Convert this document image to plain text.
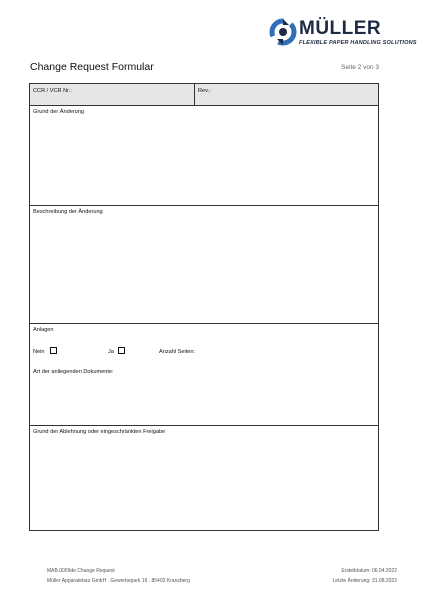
MÜLLER
FLEXIBLE PAPER HANDLING SOLUTIONS
Change Request Formular	Seite 2 von 3
CCR / VCR Nr.:	Rev.:
Grund der Änderung
Beschreibung der Änderung
Anlagen
Nein	Ja	Anzahl Seiten:
Art der anliegenden Dokumente:
Grund der Ablehnung oder eingeschränkten Freigabe
MAB.0009de Change Request
Müller Apparatebau GmbH . Gewerbepark 19 . 85402 Kranzberg
Erstelldatum: 06.04.2022
Letzte Änderung: 31.08.2022
